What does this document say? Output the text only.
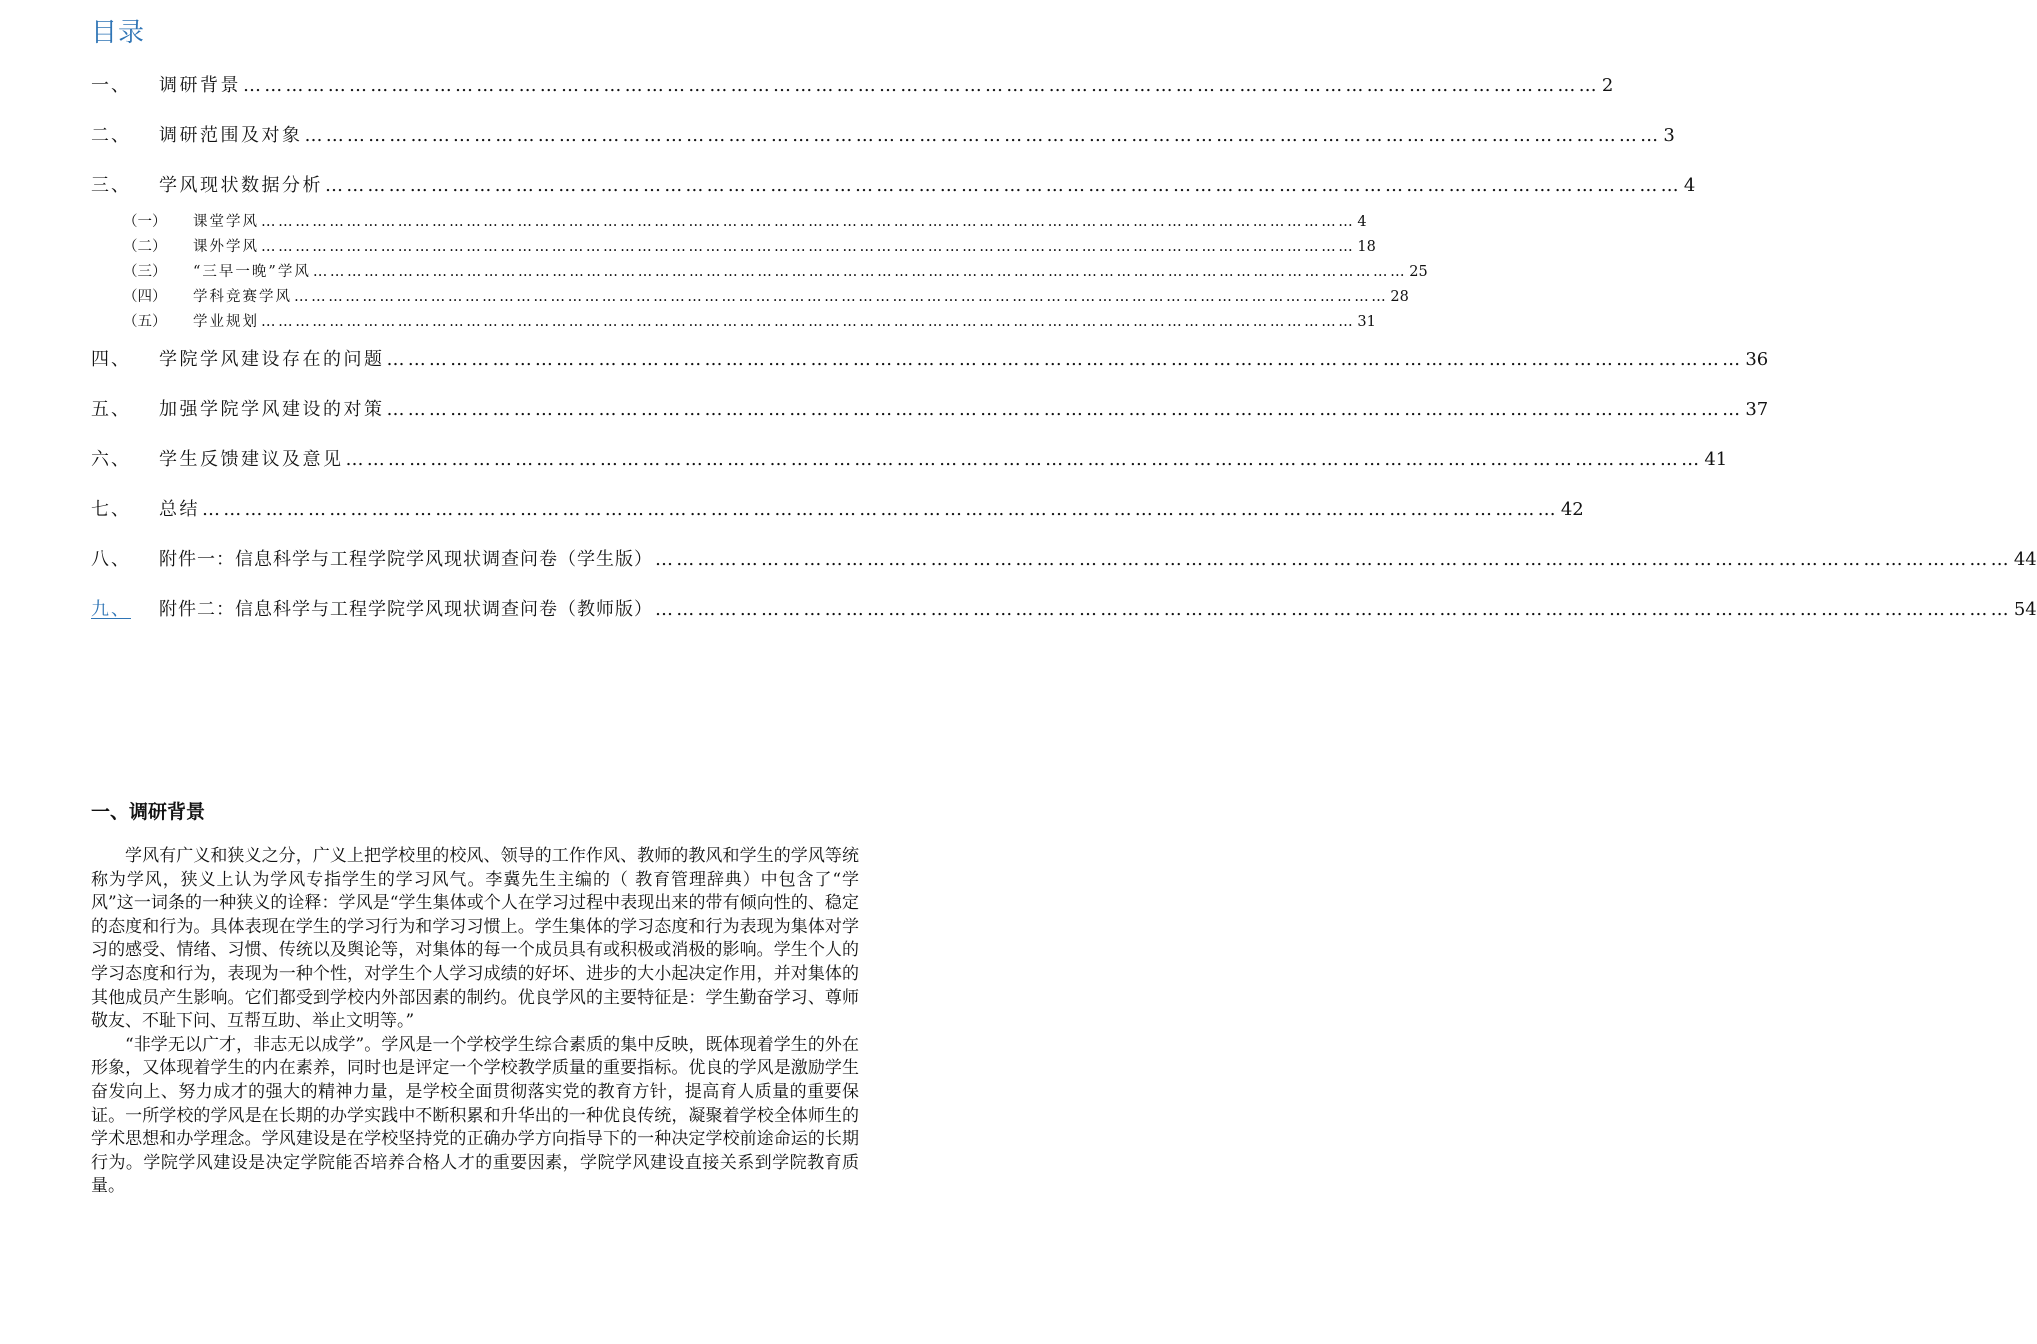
目录
一、	调研背景 ………………………………………………………………………………………………………………………………………………………………………… 2
二、	调研范围及对象 ………………………………………………………………………………………………………………………………………………………………………… 3
三、	学风现状数据分析 ………………………………………………………………………………………………………………………………………………………………………… 4
（一）	课堂学风 ………………………………………………………………………………………………………………………………………………………………………… 4
（二）	课外学风 ………………………………………………………………………………………………………………………………………………………………………… 18
（三）	“三早一晚”学风 ………………………………………………………………………………………………………………………………………………………………………… 25
（四）	学科竞赛学风 ………………………………………………………………………………………………………………………………………………………………………… 28
（五）	学业规划 ………………………………………………………………………………………………………………………………………………………………………… 31
四、	学院学风建设存在的问题 ………………………………………………………………………………………………………………………………………………………………………… 36
五、	加强学院学风建设的对策 ………………………………………………………………………………………………………………………………………………………………………… 37
六、	学生反馈建议及意见 ………………………………………………………………………………………………………………………………………………………………………… 41
七、	总结 ………………………………………………………………………………………………………………………………………………………………………… 42
八、	附件一：信息科学与工程学院学风现状调查问卷（学生版） ………………………………………………………………………………………………………………………………………………………………………… 44
九、	附件二：信息科学与工程学院学风现状调查问卷（教师版） ………………………………………………………………………………………………………………………………………………………………………… 54
一、调研背景

学风有广义和狭义之分，广义上把学校里的校风、领导的工作作风、教师的教风和学生的学风等统称为学风，狭义上认为学风专指学生的学习风气。李冀先生主编的（ 教育管理辞典）中包含了“学风”这一词条的一种狭义的诠释：学风是“学生集体或个人在学习过程中表现出来的带有倾向性的、稳定的态度和行为。具体表现在学生的学习行为和学习习惯上。学生集体的学习态度和行为表现为集体对学习的感受、情绪、习惯、传统以及舆论等，对集体的每一个成员具有或积极或消极的影响。学生个人的学习态度和行为，表现为一种个性，对学生个人学习成绩的好坏、进步的大小起决定作用，并对集体的其他成员产生影响。它们都受到学校内外部因素的制约。优良学风的主要特征是：学生勤奋学习、尊师敬友、不耻下问、互帮互助、举止文明等。”

“非学无以广才，非志无以成学”。学风是一个学校学生综合素质的集中反映，既体现着学生的外在形象，又体现着学生的内在素养，同时也是评定一个学校教学质量的重要指标。优良的学风是激励学生奋发向上、努力成才的强大的精神力量，是学校全面贯彻落实党的教育方针，提高育人质量的重要保证。一所学校的学风是在长期的办学实践中不断积累和升华出的一种优良传统，凝聚着学校全体师生的学术思想和办学理念。学风建设是在学校坚持党的正确办学方向指导下的一种决定学校前途命运的长期行为。学院学风建设是决定学院能否培养合格人才的重要因素，学院学风建设直接关系到学院教育质量。
